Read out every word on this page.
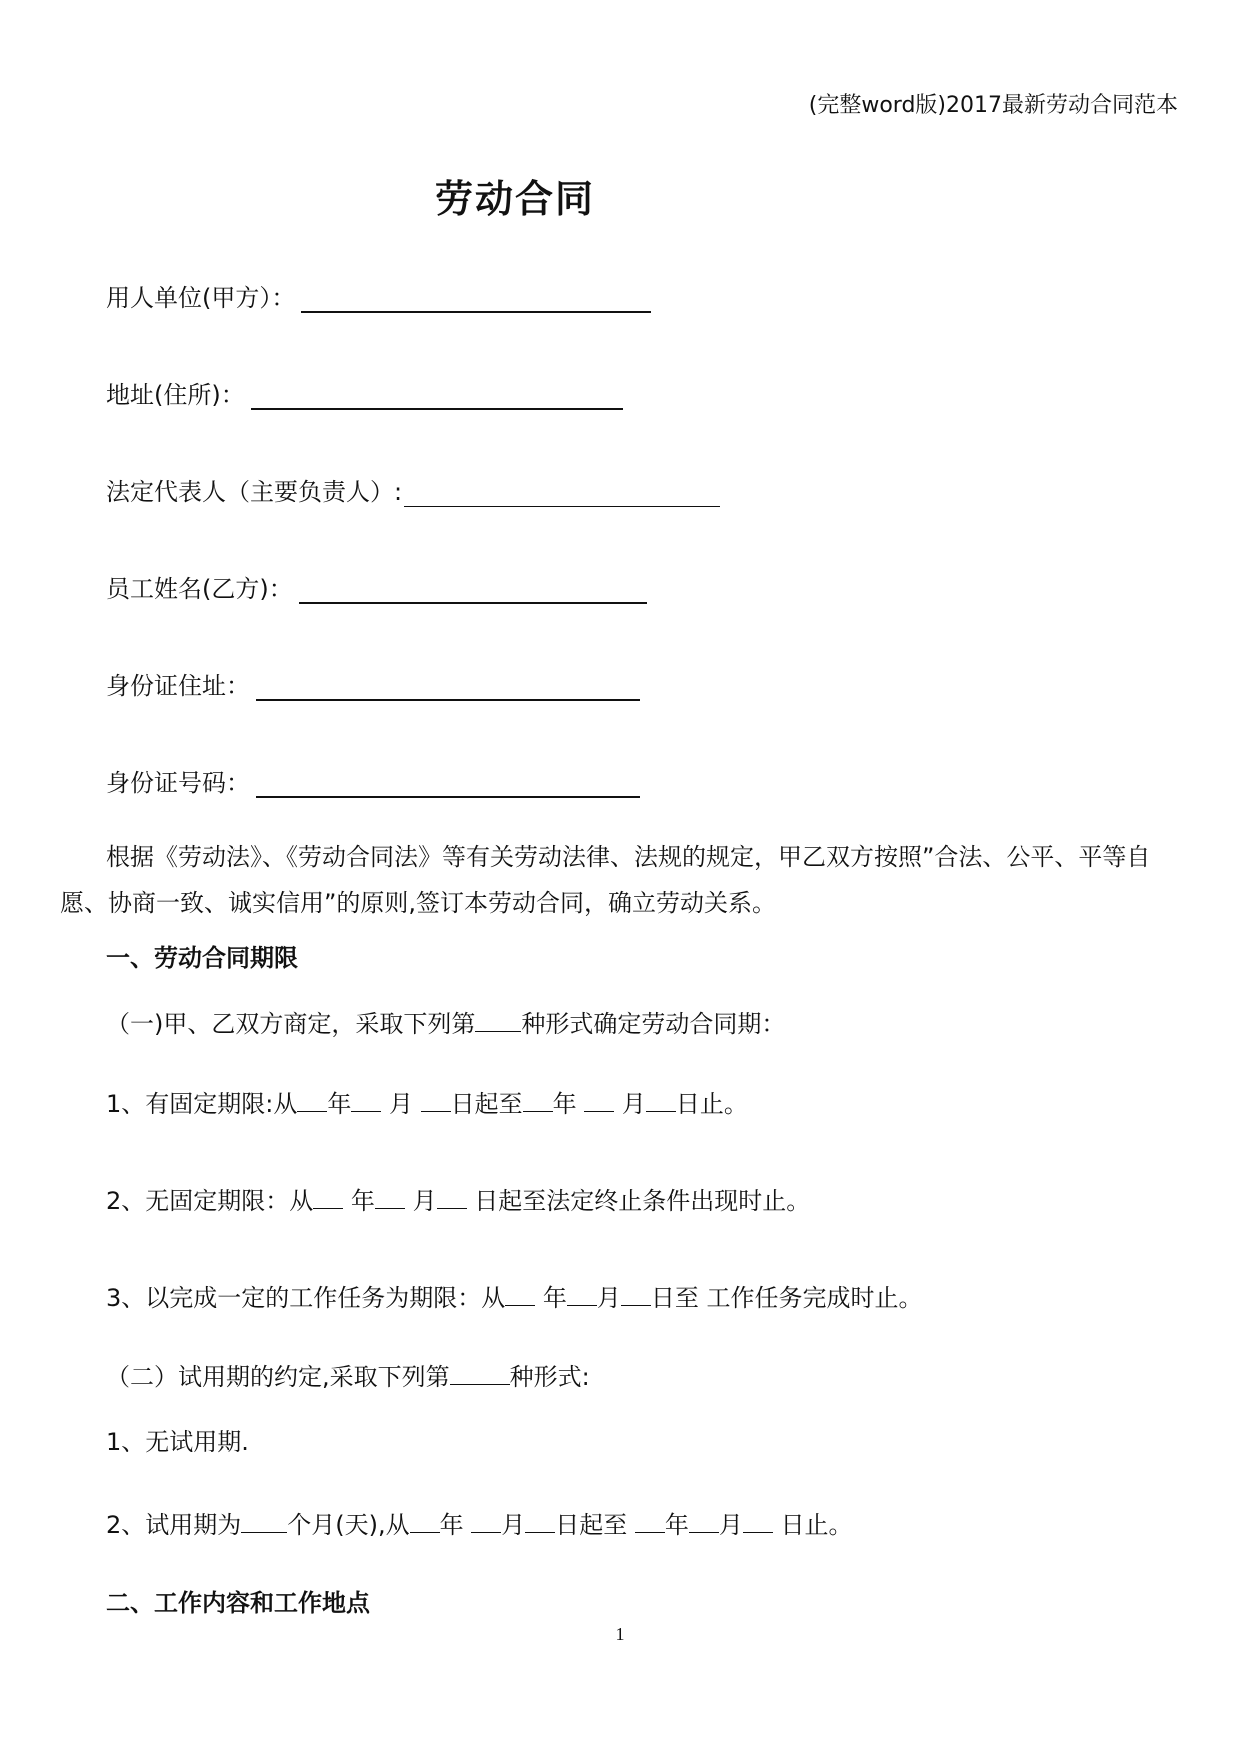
(完整word版)2017最新劳动合同范本
劳动合同
用人单位(甲方）：
地址(住所)：
法定代表人（主要负责人）:
员工姓名(乙方)：
身份证住址：
身份证号码：
根据《劳动法》、《劳动合同法》等有关劳动法律、法规的规定，甲乙双方按照”合法、公平、平等自愿、协商一致、诚实信用”的原则,签订本劳动合同，确立劳动关系。
一、劳动合同期限
（一)甲、乙双方商定，采取下列第 种形式确定劳动合同期：
1、有固定期限:从 年 月 日起至 年 月 日止。
2、无固定期限：从 年 月 日起至法定终止条件出现时止。
3、以完成一定的工作任务为期限：从 年 月 日至 工作任务完成时止。
（二）试用期的约定,采取下列第	种形式:
1、无试用期.
2、试用期为 个月(天),从 年 月 日起至 年 月 日止。
二、工作内容和工作地点
1
